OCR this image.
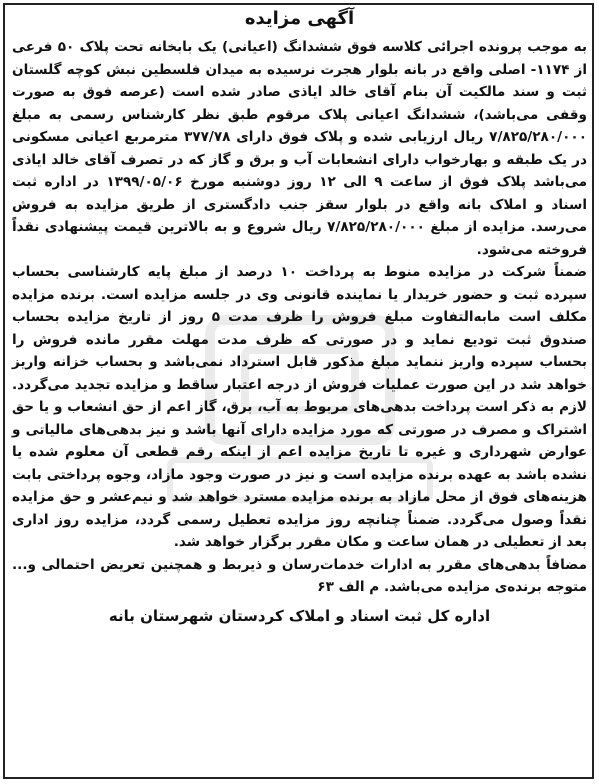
آگهی مزایده

به موجب پرونده اجرائی کلاسه فوق ششدانگ (اعیانی) یک بابخانه تحت پلاک ۵۰ فرعی از ۱۱۷۴- اصلی واقع در بانه بلوار هجرت نرسیده به میدان فلسطین نبش کوچه گلستان ثبت و سند مالکیت آن بنام آقای خالد ایاذی صادر شده است (عرصه فوق به صورت وقفی می‌باشد)، ششدانگ اعیانی پلاک مرقوم طبق نظر کارشناس رسمی به مبلغ ۷/۸۲۵/۲۸۰/۰۰۰ ریال ارزیابی شده و پلاک فوق دارای ۳۷۷/۷۸ مترمربع اعیانی مسکونی در یک طبقه و بهارخواب دارای انشعابات آب و برق و گاز که در تصرف آقای خالد ایاذی می‌باشد پلاک فوق از ساعت ۹ الی ۱۲ روز دوشنبه مورخ ۱۳۹۹/۰۵/۰۶ در اداره ثبت اسناد و املاک بانه واقع در بلوار سقز جنب دادگستری از طریق مزایده به فروش می‌رسد. مزایده از مبلغ ۷/۸۲۵/۲۸۰/۰۰۰ ریال شروع و به بالاترین قیمت پیشنهادی نقداً فروخته می‌شود.

ضمناً شرکت در مزایده منوط به پرداخت ۱۰ درصد از مبلغ پایه کارشناسی بحساب سپرده ثبت و حضور خریدار یا نماینده قانونی وی در جلسه مزایده است. برنده مزایده مکلف است مابه‌التفاوت مبلغ فروش را ظرف مدت ۵ روز از تاریخ مزایده بحساب صندوق ثبت تودیع نماید و در صورتی که ظرف مدت مهلت مقرر مانده فروش را بحساب سپرده واریز ننماید مبلغ مذکور قابل استرداد نمی‌باشد و بحساب خزانه واریز خواهد شد در این صورت عملیات فروش از درجه اعتبار ساقط و مزایده تجدید می‌گردد. لازم به ذکر است پرداخت بدهی‌های مربوط به آب، برق، گاز اعم از حق انشعاب و یا حق اشتراک و مصرف در صورتی که مورد مزایده دارای آنها باشد و نیز بدهی‌های مالیاتی و عوارض شهرداری و غیره تا تاریخ مزایده اعم از اینکه رقم قطعی آن معلوم شده یا نشده باشد به عهده برنده مزایده است و نیز در صورت وجود مازاد، وجوه پرداختی بابت هزینه‌های فوق از محل مازاد به برنده مزایده مسترد خواهد شد و نیم‌عشر و حق مزایده نقداً وصول می‌گردد. ضمناً چنانچه روز مزایده تعطیل رسمی گردد، مزایده روز اداری بعد از تعطیلی در همان ساعت و مکان مقرر برگزار خواهد شد.

مضافاً بدهی‌های مقرر به ادارات خدمات‌رسان و ذیربط و همچنین تعریض احتمالی و... متوجه برنده‌ی مزایده می‌باشد. م الف ۶۳

اداره کل ثبت اسناد و املاک کردستان شهرستان بانه
